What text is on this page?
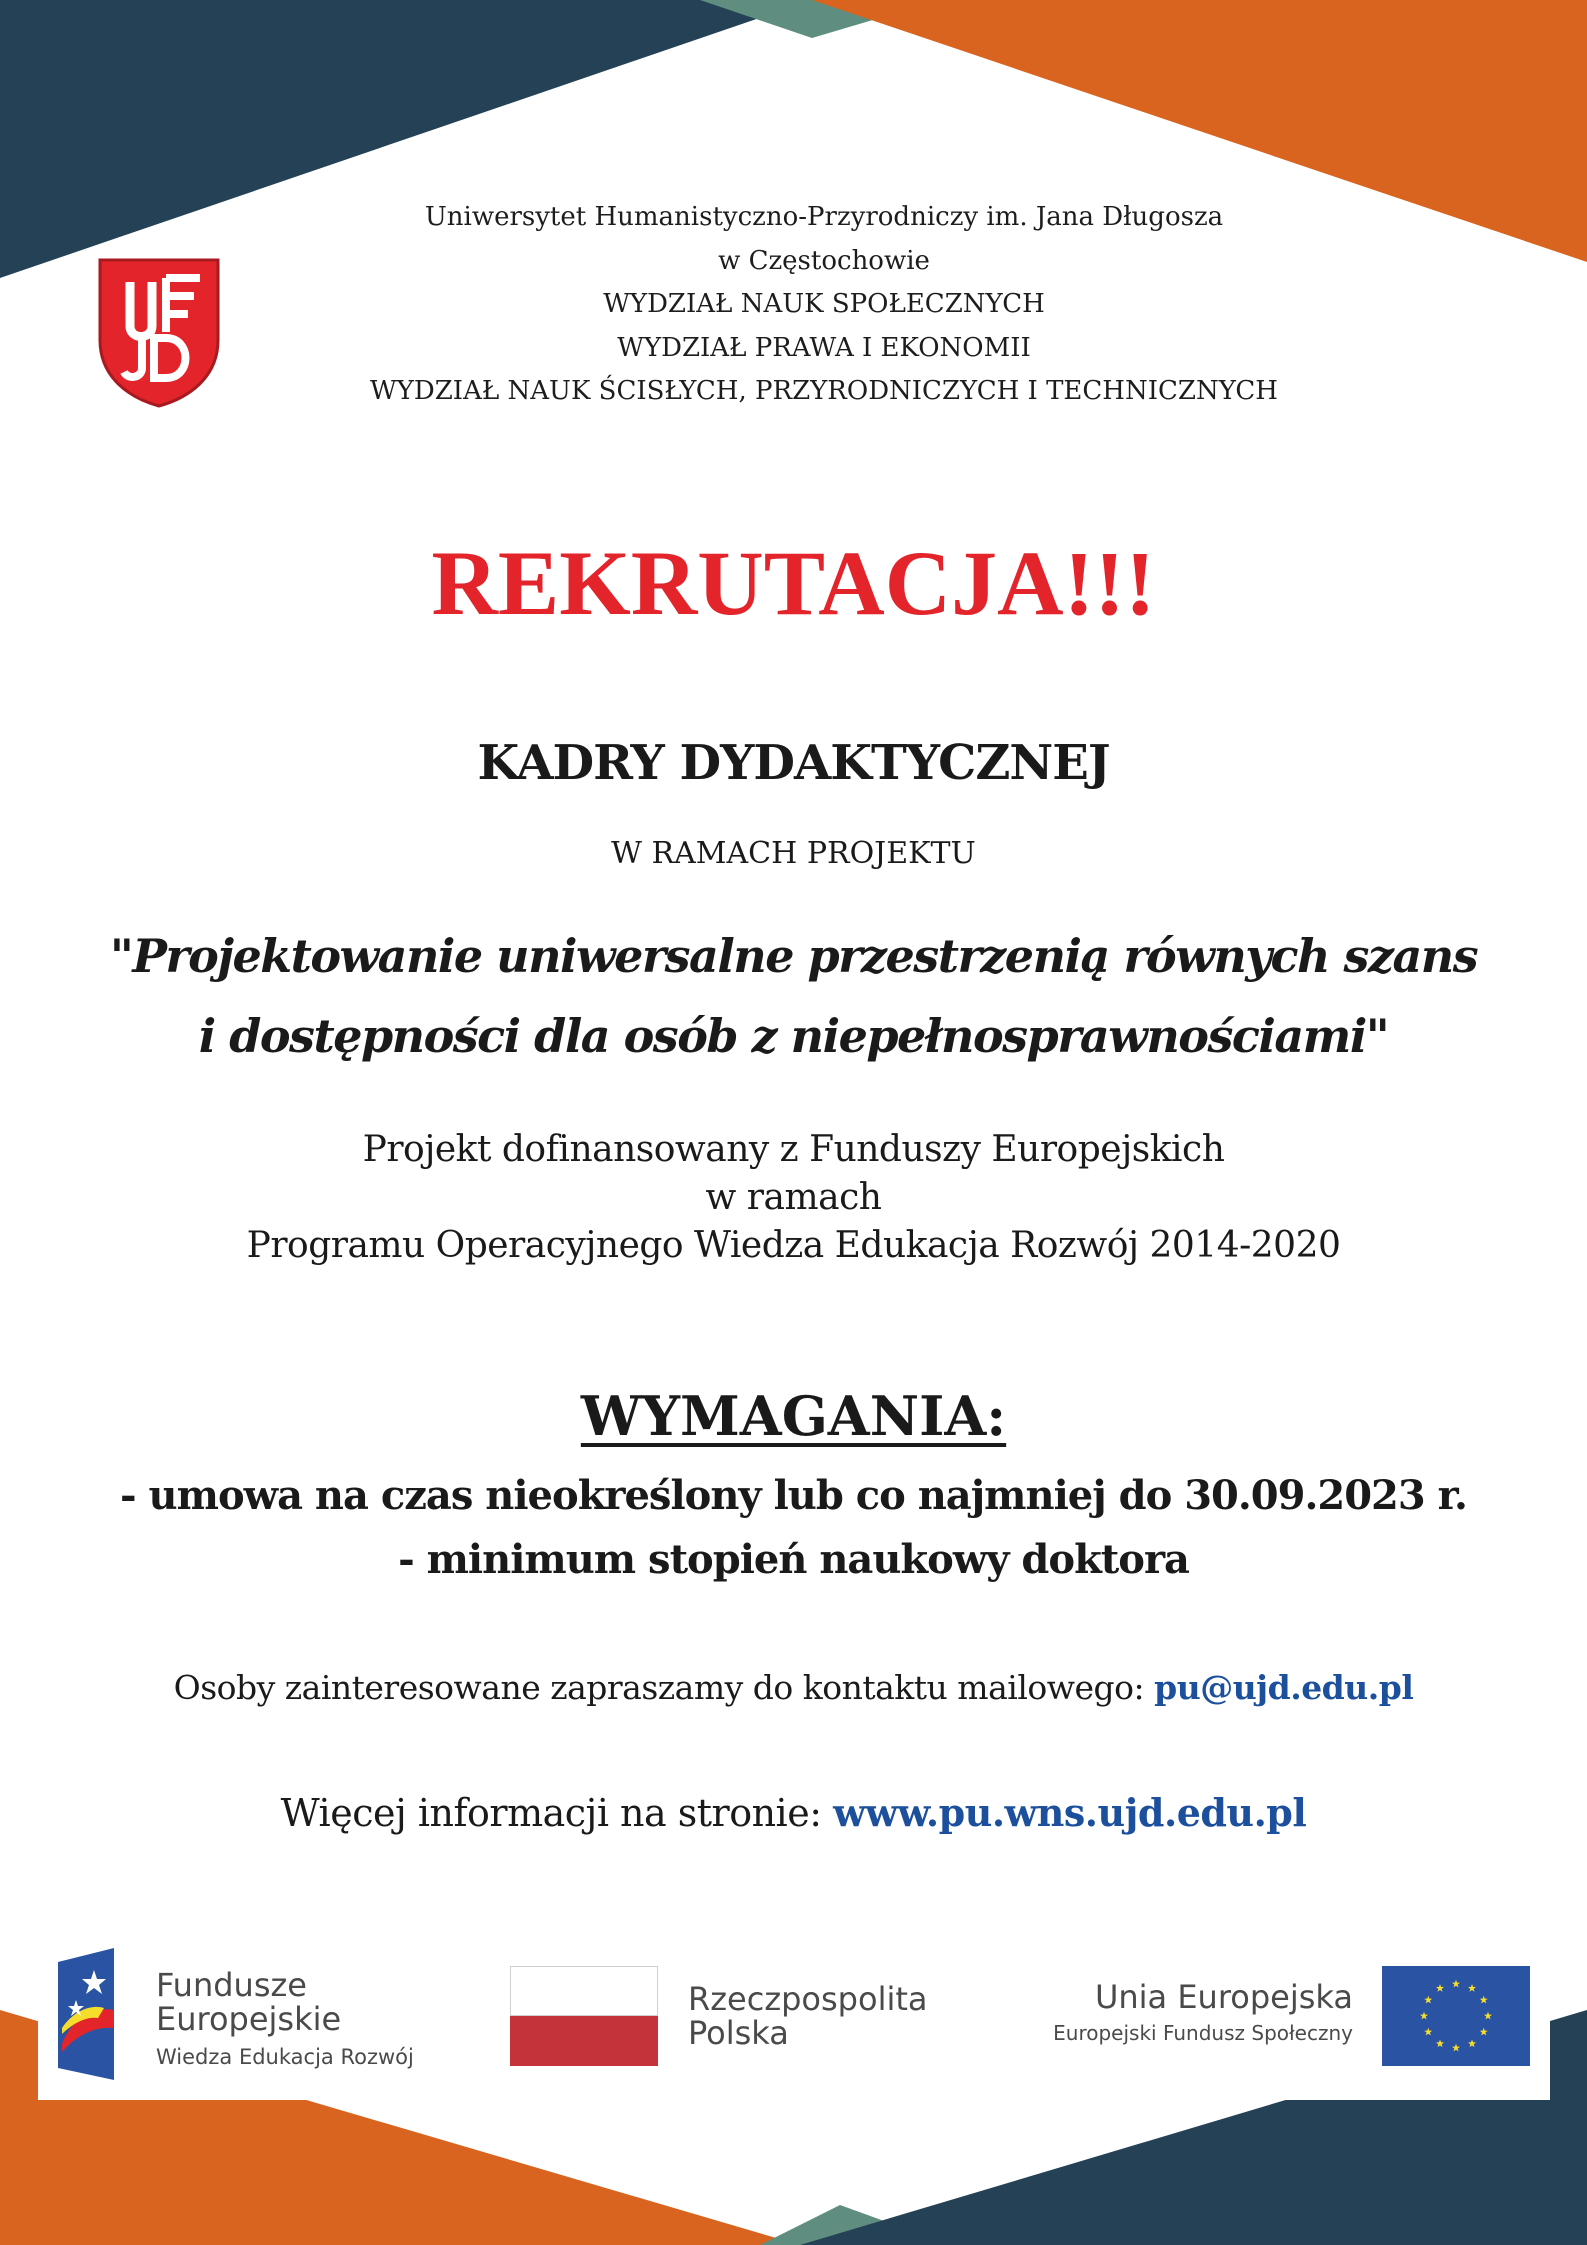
Uniwersytet Humanistyczno-Przyrodniczy im. Jana Długosza
w Częstochowie
WYDZIAŁ NAUK SPOŁECZNYCH
WYDZIAŁ PRAWA I EKONOMII
WYDZIAŁ NAUK ŚCISŁYCH, PRZYRODNICZYCH I TECHNICZNYCH
REKRUTACJA!!!
KADRY DYDAKTYCZNEJ
W RAMACH PROJEKTU
"Projektowanie uniwersalne przestrzenią równych szans
i dostępności dla osób z niepełnosprawnościami"
Projekt dofinansowany z Funduszy Europejskich
w ramach
Programu Operacyjnego Wiedza Edukacja Rozwój 2014-2020
WYMAGANIA:
- umowa na czas nieokreślony lub co najmniej do 30.09.2023 r.
- minimum stopień naukowy doktora
Osoby zainteresowane zapraszamy do kontaktu mailowego: pu@ujd.edu.pl
Więcej informacji na stronie: www.pu.wns.ujd.edu.pl
Fundusze
Europejskie
Wiedza Edukacja Rozwój
Rzeczpospolita
Polska
Unia Europejska
Europejski Fundusz Społeczny
